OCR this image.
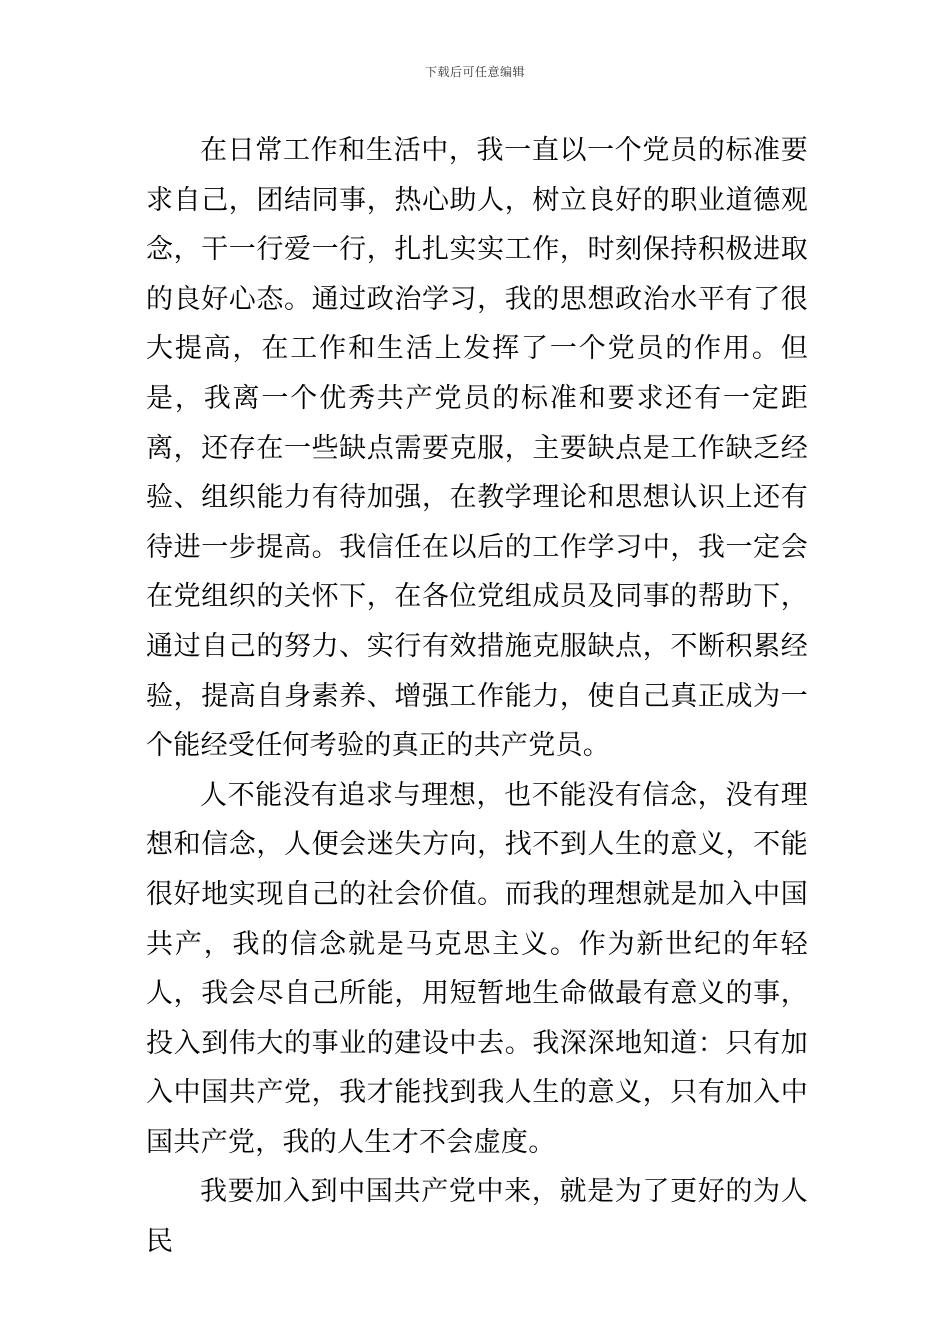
下载后可任意编辑

在日常工作和生活中，我一直以一个党员的标准要求自己，团结同事，热心助人，树立良好的职业道德观念，干一行爱一行，扎扎实实工作，时刻保持积极进取的良好心态。通过政治学习，我的思想政治水平有了很大提高，在工作和生活上发挥了一个党员的作用。但是，我离一个优秀共产党员的标准和要求还有一定距离，还存在一些缺点需要克服，主要缺点是工作缺乏经验、组织能力有待加强，在教学理论和思想认识上还有待进一步提高。我信任在以后的工作学习中，我一定会在党组织的关怀下，在各位党组成员及同事的帮助下，通过自己的努力、实行有效措施克服缺点，不断积累经验，提高自身素养、增强工作能力，使自己真正成为一个能经受任何考验的真正的共产党员。

人不能没有追求与理想，也不能没有信念，没有理想和信念，人便会迷失方向，找不到人生的意义，不能很好地实现自己的社会价值。而我的理想就是加入中国共产，我的信念就是马克思主义。作为新世纪的年轻人，我会尽自己所能，用短暂地生命做最有意义的事，投入到伟大的事业的建设中去。我深深地知道：只有加入中国共产党，我才能找到我人生的意义，只有加入中国共产党，我的人生才不会虚度。

我要加入到中国共产党中来，就是为了更好的为人民
